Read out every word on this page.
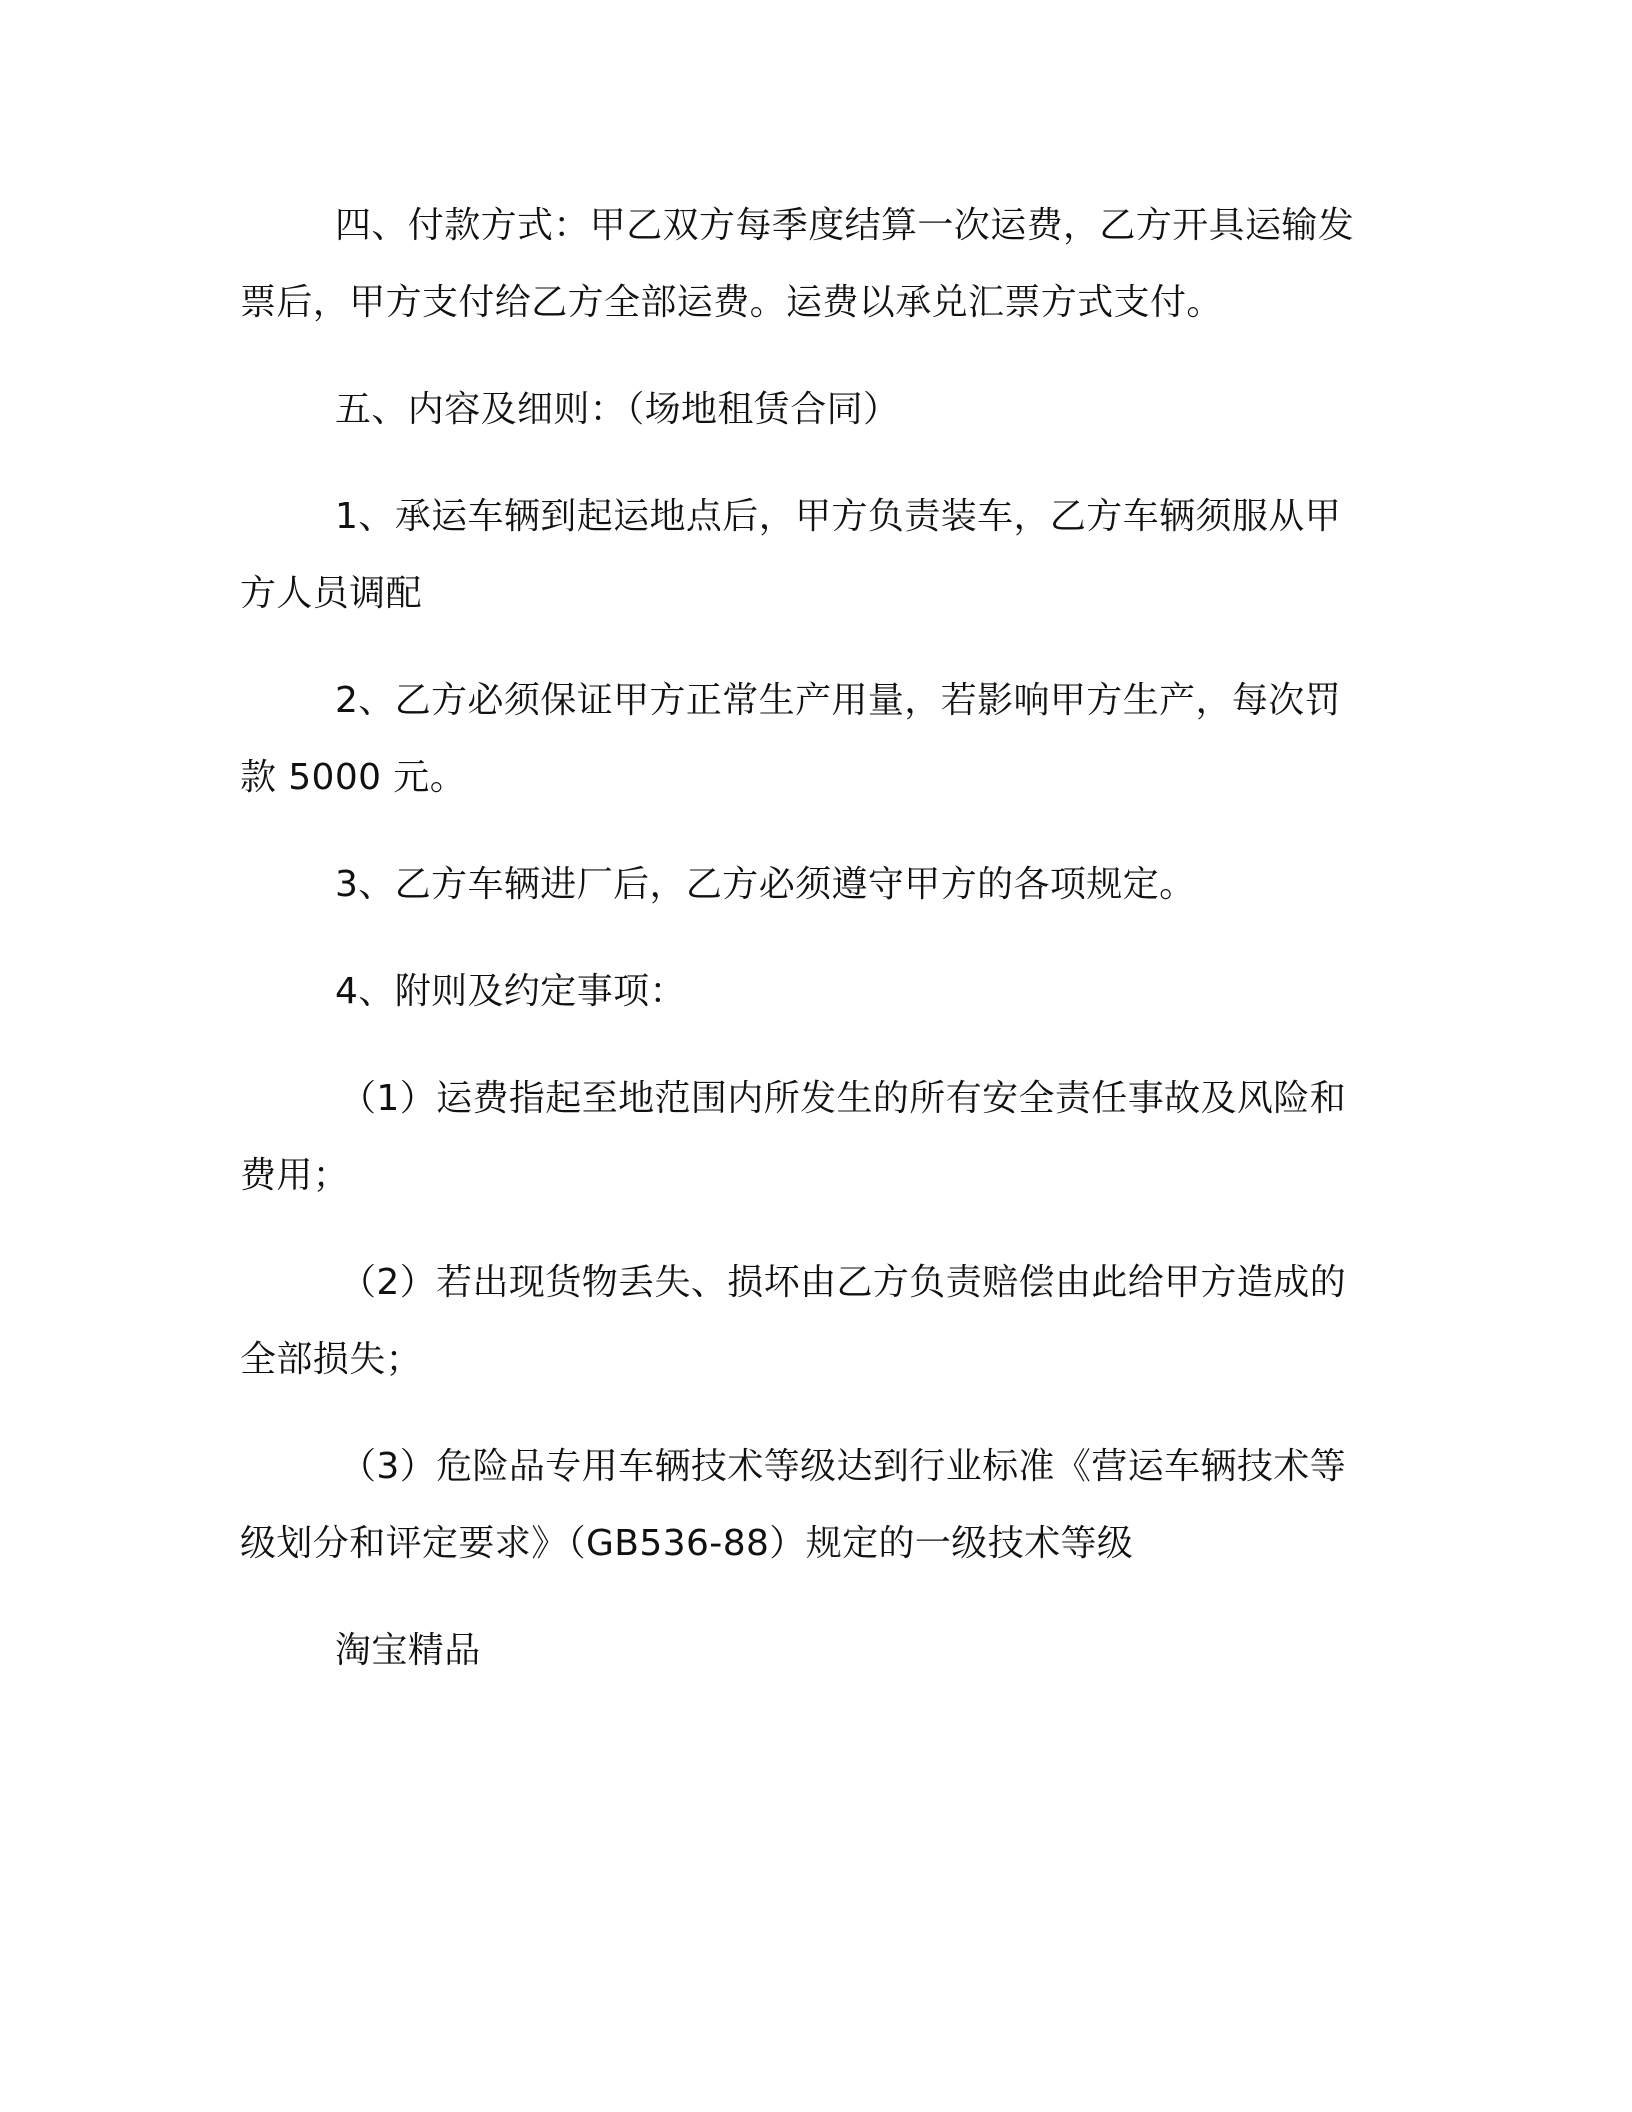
四、付款方式：甲乙双方每季度结算一次运费，乙方开具运输发票后，甲方支付给乙方全部运费。运费以承兑汇票方式支付。

五、内容及细则：（场地租赁合同）

1、承运车辆到起运地点后，甲方负责装车，乙方车辆须服从甲方人员调配

2、乙方必须保证甲方正常生产用量，若影响甲方生产，每次罚款 5000 元。

3、乙方车辆进厂后，乙方必须遵守甲方的各项规定。

4、附则及约定事项：

（1）运费指起至地范围内所发生的所有安全责任事故及风险和费用；

（2）若出现货物丢失、损坏由乙方负责赔偿由此给甲方造成的全部损失；

（3）危险品专用车辆技术等级达到行业标准《营运车辆技术等级划分和评定要求》（GB536-88）规定的一级技术等级

淘宝精品
